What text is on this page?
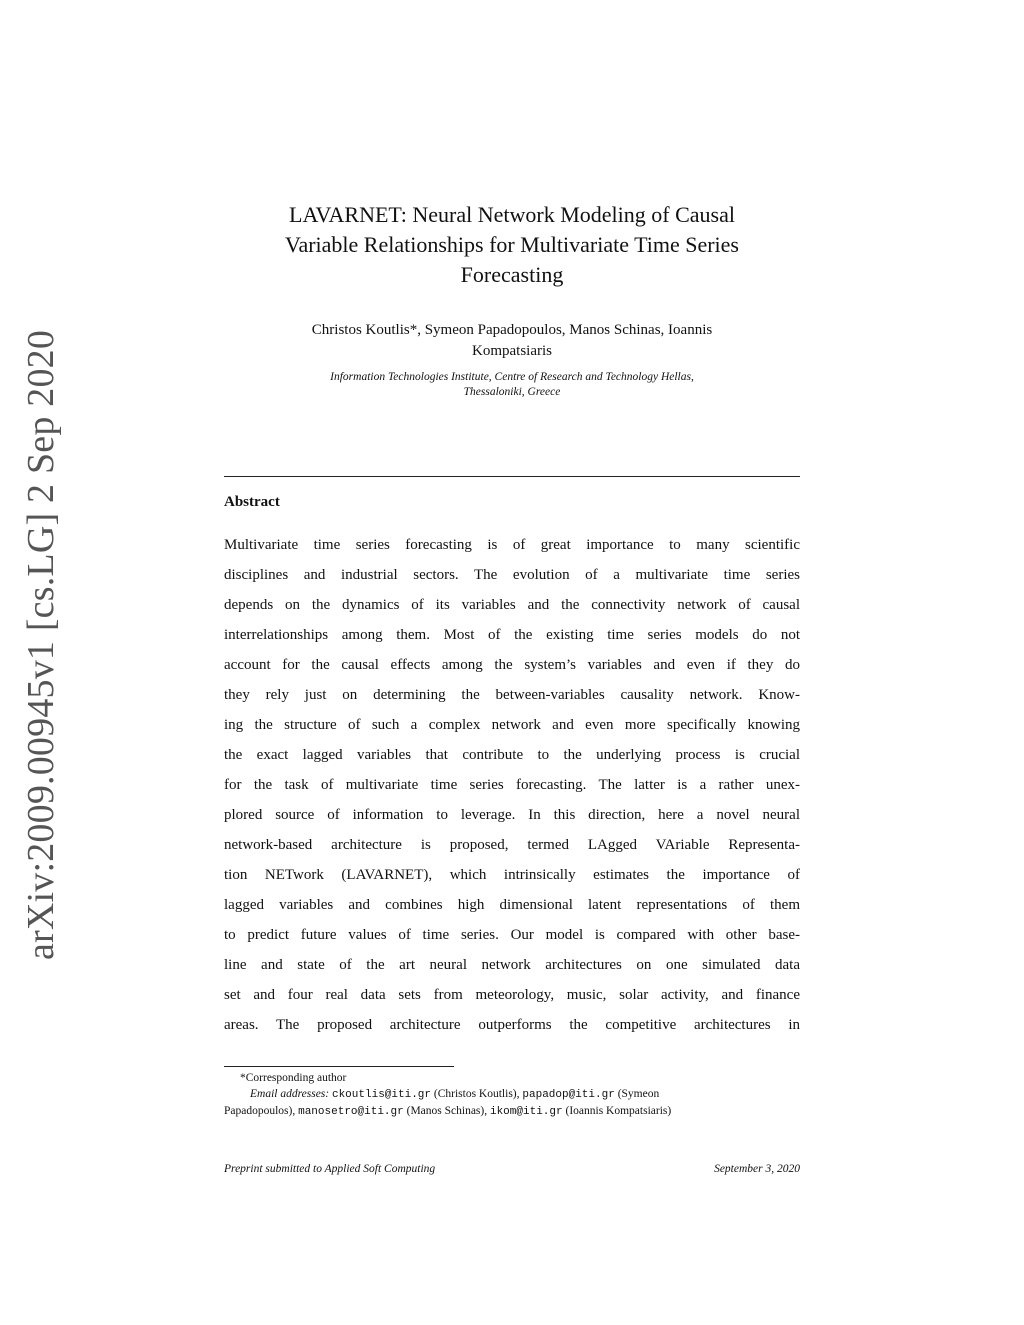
arXiv:2009.00945v1 [cs.LG] 2 Sep 2020
LAVARNET: Neural Network Modeling of Causal
Variable Relationships for Multivariate Time Series
Forecasting
Christos Koutlis*, Symeon Papadopoulos, Manos Schinas, Ioannis
Kompatsiaris
Information Technologies Institute, Centre of Research and Technology Hellas,
Thessaloniki, Greece
Abstract
Multivariate time series forecasting is of great importance to many scientific
disciplines and industrial sectors. The evolution of a multivariate time series
depends on the dynamics of its variables and the connectivity network of causal
interrelationships among them. Most of the existing time series models do not
account for the causal effects among the system’s variables and even if they do
they rely just on determining the between-variables causality network. Know-
ing the structure of such a complex network and even more specifically knowing
the exact lagged variables that contribute to the underlying process is crucial
for the task of multivariate time series forecasting. The latter is a rather unex-
plored source of information to leverage. In this direction, here a novel neural
network-based architecture is proposed, termed LAgged VAriable Representa-
tion NETwork (LAVARNET), which intrinsically estimates the importance of
lagged variables and combines high dimensional latent representations of them
to predict future values of time series. Our model is compared with other base-
line and state of the art neural network architectures on one simulated data
set and four real data sets from meteorology, music, solar activity, and finance
areas. The proposed architecture outperforms the competitive architectures in
*Corresponding author
Email addresses: ckoutlis@iti.gr (Christos Koutlis), papadop@iti.gr (Symeon
Papadopoulos), manosetro@iti.gr (Manos Schinas), ikom@iti.gr (Ioannis Kompatsiaris)
Preprint submitted to Applied Soft Computing	September 3, 2020
